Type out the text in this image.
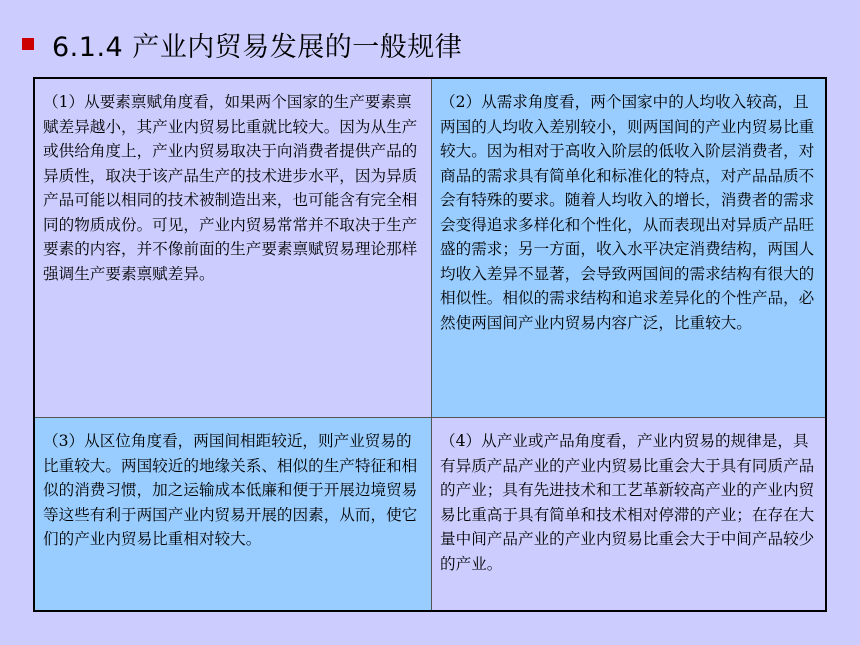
6.1.4 产业内贸易发展的一般规律
（1）从要素禀赋角度看，如果两个国家的生产要素禀赋差异越小，其产业内贸易比重就比较大。因为从生产或供给角度上，产业内贸易取决于向消费者提供产品的异质性，取决于该产品生产的技术进步水平，因为异质产品可能以相同的技术被制造出来，也可能含有完全相同的物质成份。可见，产业内贸易常常并不取决于生产要素的内容，并不像前面的生产要素禀赋贸易理论那样强调生产要素禀赋差异。
（2）从需求角度看，两个国家中的人均收入较高，且两国的人均收入差别较小，则两国间的产业内贸易比重较大。因为相对于高收入阶层的低收入阶层消费者，对商品的需求具有简单化和标准化的特点，对产品品质不会有特殊的要求。随着人均收入的增长，消费者的需求会变得追求多样化和个性化，从而表现出对异质产品旺盛的需求；另一方面，收入水平决定消费结构，两国人均收入差异不显著，会导致两国间的需求结构有很大的相似性。相似的需求结构和追求差异化的个性产品，必然使两国间产业内贸易内容广泛，比重较大。
（3）从区位角度看，两国间相距较近，则产业贸易的比重较大。两国较近的地缘关系、相似的生产特征和相似的消费习惯，加之运输成本低廉和便于开展边境贸易等这些有利于两国产业内贸易开展的因素，从而，使它们的产业内贸易比重相对较大。
（4）从产业或产品角度看，产业内贸易的规律是，具有异质产品产业的产业内贸易比重会大于具有同质产品的产业；具有先进技术和工艺革新较高产业的产业内贸易比重高于具有简单和技术相对停滞的产业；在存在大量中间产品产业的产业内贸易比重会大于中间产品较少的产业。
